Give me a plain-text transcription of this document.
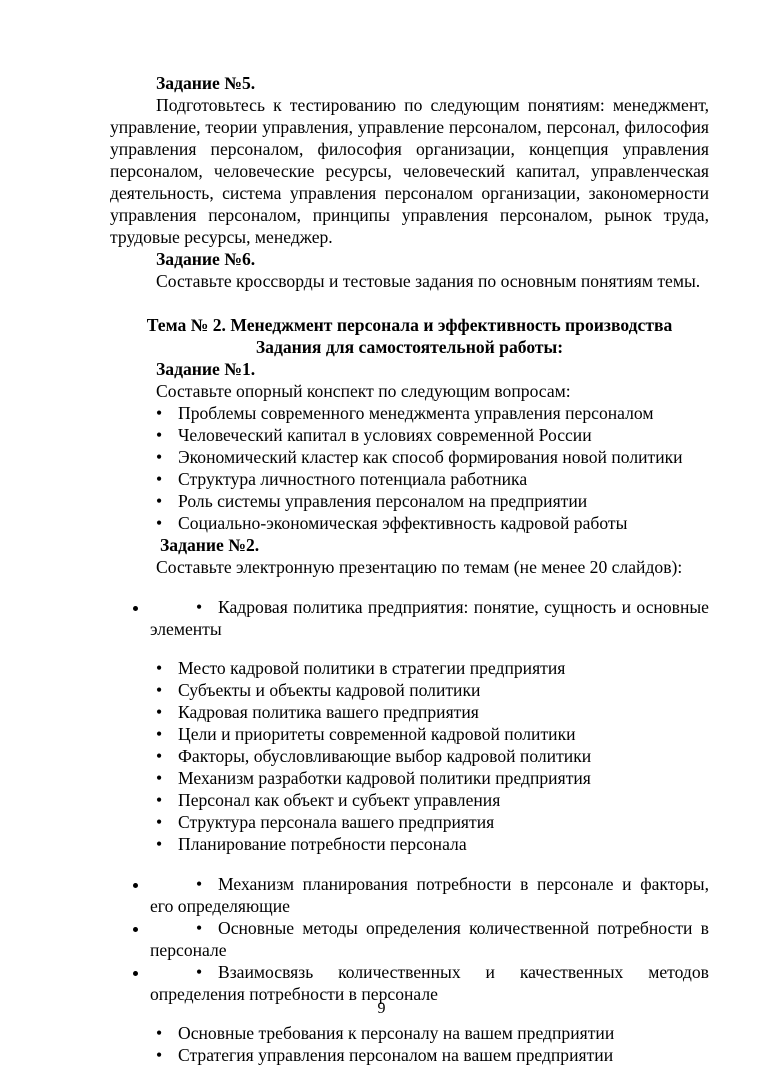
Задание №5.

Подготовьтесь к тестированию по следующим понятиям: менеджмент, управление, теории управления, управление персоналом, персонал, философия управления персоналом, философия организации, концепция управления персоналом, человеческие ресурсы, человеческий капитал, управленческая деятельность, система управления персоналом организации, закономерности управления персоналом, принципы управления персоналом, рынок труда, трудовые ресурсы, менеджер.

Задание №6.

Составьте кроссворды и тестовые задания по основным понятиям темы.

Тема № 2. Менеджмент персонала и эффективность производства

Задания для самостоятельной работы:

Задание №1.

Составьте опорный конспект по следующим вопросам:

• Проблемы современного менеджмента управления персоналом
• Человеческий капитал в условиях современной России
• Экономический кластер как способ формирования новой политики
• Структура личностного потенциала работника
• Роль системы управления персоналом на предприятии
• Социально-экономическая эффективность кадровой работы

Задание №2.

Составьте электронную презентацию по темам (не менее 20 слайдов):

• • Кадровая политика предприятия: понятие, сущность и основные элементы
• Место кадровой политики в стратегии предприятия
• Субъекты и объекты кадровой политики
• Кадровая политика вашего предприятия
• Цели и приоритеты современной кадровой политики
• Факторы, обусловливающие выбор кадровой политики
• Механизм разработки кадровой политики предприятия
• Персонал как объект и субъект управления
• Структура персонала вашего предприятия
• Планирование потребности персонала
• • Механизм планирования потребности в персонале и факторы, его определяющие
• • Основные методы определения количественной потребности в персонале
• • Взаимосвязь количественных и качественных методов определения потребности в персонале
• Основные требования к персоналу на вашем предприятии
• Стратегия управления персоналом на вашем предприятии
9
